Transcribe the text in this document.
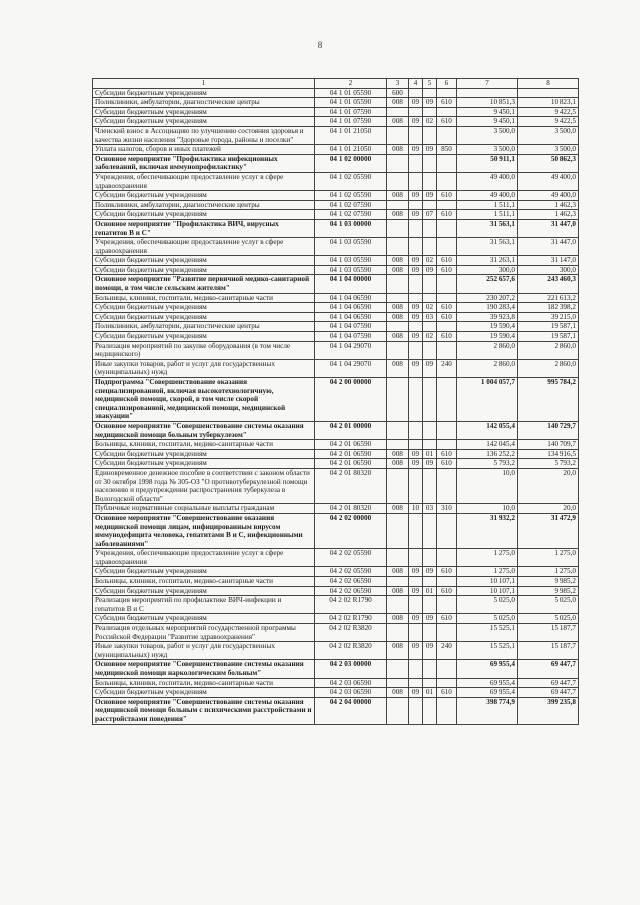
8
1	2	3	4	5	6	7	8
Субсидии бюджетным учреждениям	04 1 01 05590	600					
Поликлиники, амбулатории, диагностические центры	04 1 01 05590	008	09	09	610	10 851,3	10 823,1
Субсидии бюджетным учреждениям	04 1 01 07590					9 450,1	9 422,5
Субсидии бюджетным учреждениям	04 1 01 07590	008	09	02	610	9 450,1	9 422,5
Членский взнос в Ассоциацию по улучшению состояния здоровья и качества жизни населения "Здоровые города, районы и поселки"	04 1 01 21050					3 500,0	3 500,0
Уплата налогов, сборов и иных платежей	04 1 01 21050	008	09	09	850	3 500,0	3 500,0
Основное мероприятие "Профилактика инфекционных заболеваний, включая иммунопрофилактику"	04 1 02 00000					50 911,1	50 862,3
Учреждения, обеспечивающие предоставление услуг в сфере здравоохранения	04 1 02 05590					49 400,0	49 400,0
Субсидии бюджетным учреждениям	04 1 02 05590	008	09	09	610	49 400,0	49 400,0
Поликлиники, амбулатории, диагностические центры	04 1 02 07590					1 511,1	1 462,3
Субсидии бюджетным учреждениям	04 1 02 07590	008	09	07	610	1 511,1	1 462,3
Основное мероприятие "Профилактика ВИЧ, вирусных гепатитов В и С"	04 1 03 00000					31 563,1	31 447,0
Учреждения, обеспечивающие предоставление услуг в сфере здравоохранения	04 1 03 05590					31 563,1	31 447,0
Субсидии бюджетным учреждениям	04 1 03 05590	008	09	02	610	31 263,1	31 147,0
Субсидии бюджетным учреждениям	04 1 03 05590	008	09	09	610	300,0	300,0
Основное мероприятие "Развитие первичной медико-санитарной помощи, в том числе сельским жителям"	04 1 04 00000					252 657,6	243 460,3
Больницы, клиники, госпитали, медико-санитарные части	04 1 04 06590					230 207,2	221 613,2
Субсидии бюджетным учреждениям	04 1 04 06590	008	09	02	610	190 283,4	182 398,2
Субсидии бюджетным учреждениям	04 1 04 06590	008	09	03	610	39 923,8	39 215,0
Поликлиники, амбулатории, диагностические центры	04 1 04 07590					19 590,4	19 587,1
Субсидии бюджетным учреждениям	04 1 04 07590	008	09	02	610	19 590,4	19 587,1
Реализация мероприятий по закупке оборудования (в том числе медицинского)	04 1 04 29070					2 860,0	2 860,0
Иные закупки товаров, работ и услуг для государственных (муниципальных) нужд	04 1 04 29070	008	09	09	240	2 860,0	2 860,0
Подпрограмма "Совершенствование оказания специализированной, включая высокотехнологичную, медицинской помощи, скорой, в том числе скорой специализированной, медицинской помощи, медицинской эвакуации"	04 2 00 00000					1 004 057,7	995 784,2
Основное мероприятие "Совершенствование системы оказания медицинской помощи больным туберкулезом"	04 2 01 00000					142 055,4	140 729,7
Больницы, клиники, госпитали, медико-санитарные части	04 2 01 06590					142 045,4	140 709,7
Субсидии бюджетным учреждениям	04 2 01 06590	008	09	01	610	136 252,2	134 916,5
Субсидии бюджетным учреждениям	04 2 01 06590	008	09	09	610	5 793,2	5 793,2
Единовременное денежное пособие в соответствии с законом области от 30 октября 1998 года № 305-ОЗ "О противотуберкулезной помощи населению и предупреждении распространения туберкулеза в Вологодской области"	04 2 01 80320					10,0	20,0
Публичные нормативные социальные выплаты гражданам	04 2 01 80320	008	10	03	310	10,0	20,0
Основное мероприятие "Совершенствование оказания медицинской помощи лицам, инфицированным вирусом иммунодефицита человека, гепатитами В и С, инфекционными заболеваниями"	04 2 02 00000					31 932,2	31 472,9
Учреждения, обеспечивающие предоставление услуг в сфере здравоохранения	04 2 02 05590					1 275,0	1 275,0
Субсидии бюджетным учреждениям	04 2 02 05590	008	09	09	610	1 275,0	1 275,0
Больницы, клиники, госпитали, медико-санитарные части	04 2 02 06590					10 107,1	9 985,2
Субсидии бюджетным учреждениям	04 2 02 06590	008	09	01	610	10 107,1	9 985,2
Реализация мероприятий по профилактике ВИЧ-инфекции и гепатитов В и С	04 2 02 R1790					5 025,0	5 025,0
Субсидии бюджетным учреждениям	04 2 02 R1790	008	09	09	610	5 025,0	5 025,0
Реализация отдельных мероприятий государственной программы Российской Федерации "Развитие здравоохранения"	04 2 02 R3820					15 525,1	15 187,7
Иные закупки товаров, работ и услуг для государственных (муниципальных) нужд	04 2 02 R3820	008	09	09	240	15 525,1	15 187,7
Основное мероприятие "Совершенствование системы оказания медицинской помощи наркологическим больным"	04 2 03 00000					69 955,4	69 447,7
Больницы, клиники, госпитали, медико-санитарные части	04 2 03 06590					69 955,4	69 447,7
Субсидии бюджетным учреждениям	04 2 03 06590	008	09	01	610	69 955,4	69 447,7
Основное мероприятие "Совершенствование системы оказания медицинской помощи больным с психическими расстройствами и расстройствами поведения"	04 2 04 00000					398 774,9	399 235,8
